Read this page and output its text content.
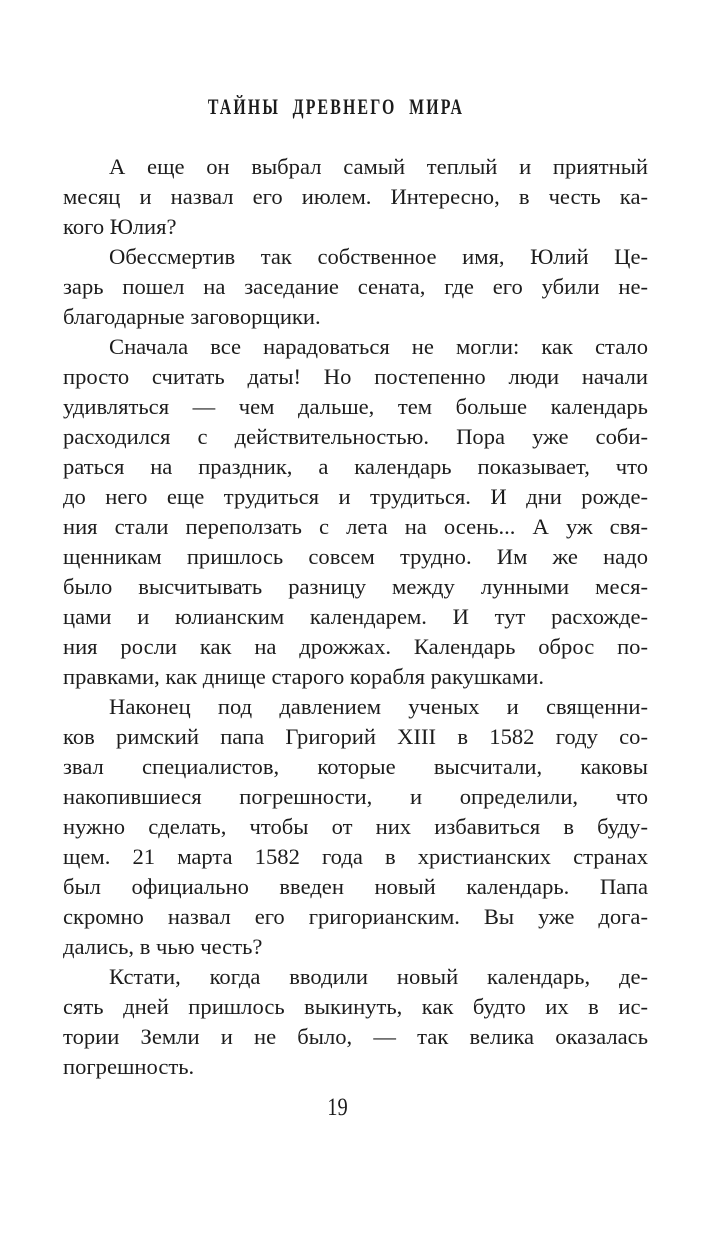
ТАЙНЫ ДРЕВНЕГО МИРА
А еще он выбрал самый теплый и приятный
месяц и назвал его июлем. Интересно, в честь ка-
кого Юлия?
Обессмертив так собственное имя, Юлий Це-
зарь пошел на заседание сената, где его убили не-
благодарные заговорщики.
Сначала все нарадоваться не могли: как стало
просто считать даты! Но постепенно люди начали
удивляться — чем дальше, тем больше календарь
расходился с действительностью. Пора уже соби-
раться на праздник, а календарь показывает, что
до него еще трудиться и трудиться. И дни рожде-
ния стали переползать с лета на осень... А уж свя-
щенникам пришлось совсем трудно. Им же надо
было высчитывать разницу между лунными меся-
цами и юлианским календарем. И тут расхожде-
ния росли как на дрожжах. Календарь оброс по-
правками, как днище старого корабля ракушками.
Наконец под давлением ученых и священни-
ков римский папа Григорий XIII в 1582 году со-
звал специалистов, которые высчитали, каковы
накопившиеся погрешности, и определили, что
нужно сделать, чтобы от них избавиться в буду-
щем. 21 марта 1582 года в христианских странах
был официально введен новый календарь. Папа
скромно назвал его григорианским. Вы уже дога-
дались, в чью честь?
Кстати, когда вводили новый календарь, де-
сять дней пришлось выкинуть, как будто их в ис-
тории Земли и не было, — так велика оказалась
погрешность.
19
